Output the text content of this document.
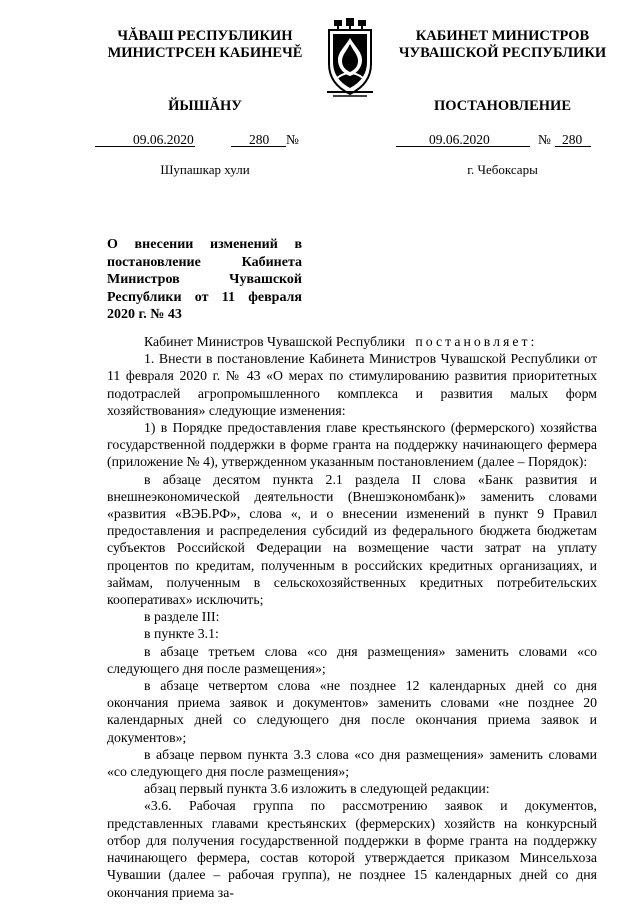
ЧĂВАШ РЕСПУБЛИКИН
МИНИСТРСЕН КАБИНЕЧĔ
КАБИНЕТ МИНИСТРОВ
ЧУВАШСКОЙ РЕСПУБЛИКИ
ЙЫШĂНУ	ПОСТАНОВЛЕНИЕ
09.06.2020	280 №	09.06.2020	№ 280
Шупашкар хули	г. Чебоксары
О внесении изменений в постановление Кабинета Министров Чувашской Республики от 11 февраля 2020 г. № 43

Кабинет Министров Чувашской Республики постановляет:

1. Внести в постановление Кабинета Министров Чувашской Республики от 11 февраля 2020 г. № 43 «О мерах по стимулированию развития приоритетных подотраслей агропромышленного комплекса и развития малых форм хозяйствования» следующие изменения:

1) в Порядке предоставления главе крестьянского (фермерского) хозяйства государственной поддержки в форме гранта на поддержку начинающего фермера (приложение № 4), утвержденном указанным постановлением (далее – Порядок):

в абзаце десятом пункта 2.1 раздела II слова «Банк развития и внешнеэкономической деятельности (Внешэкономбанк)» заменить словами «развития «ВЭБ.РФ», слова «, и о внесении изменений в пункт 9 Правил предоставления и распределения субсидий из федерального бюджета бюджетам субъектов Российской Федерации на возмещение части затрат на уплату процентов по кредитам, полученным в российских кредитных организациях, и займам, полученным в сельскохозяйственных кредитных потребительских кооперативах» исключить;

в разделе III:

в пункте 3.1:

в абзаце третьем слова «со дня размещения» заменить словами «со следующего дня после размещения»;

в абзаце четвертом слова «не позднее 12 календарных дней со дня окончания приема заявок и документов» заменить словами «не позднее 20 календарных дней со следующего дня после окончания приема заявок и документов»;

в абзаце первом пункта 3.3 слова «со дня размещения» заменить словами «со следующего дня после размещения»;

абзац первый пункта 3.6 изложить в следующей редакции:

«3.6. Рабочая группа по рассмотрению заявок и документов, представленных главами крестьянских (фермерских) хозяйств на конкурсный отбор для получения государственной поддержки в форме гранта на поддержку начинающего фермера, состав которой утверждается приказом Минсельхоза Чувашии (далее – рабочая группа), не позднее 15 календарных дней со дня окончания приема за-
